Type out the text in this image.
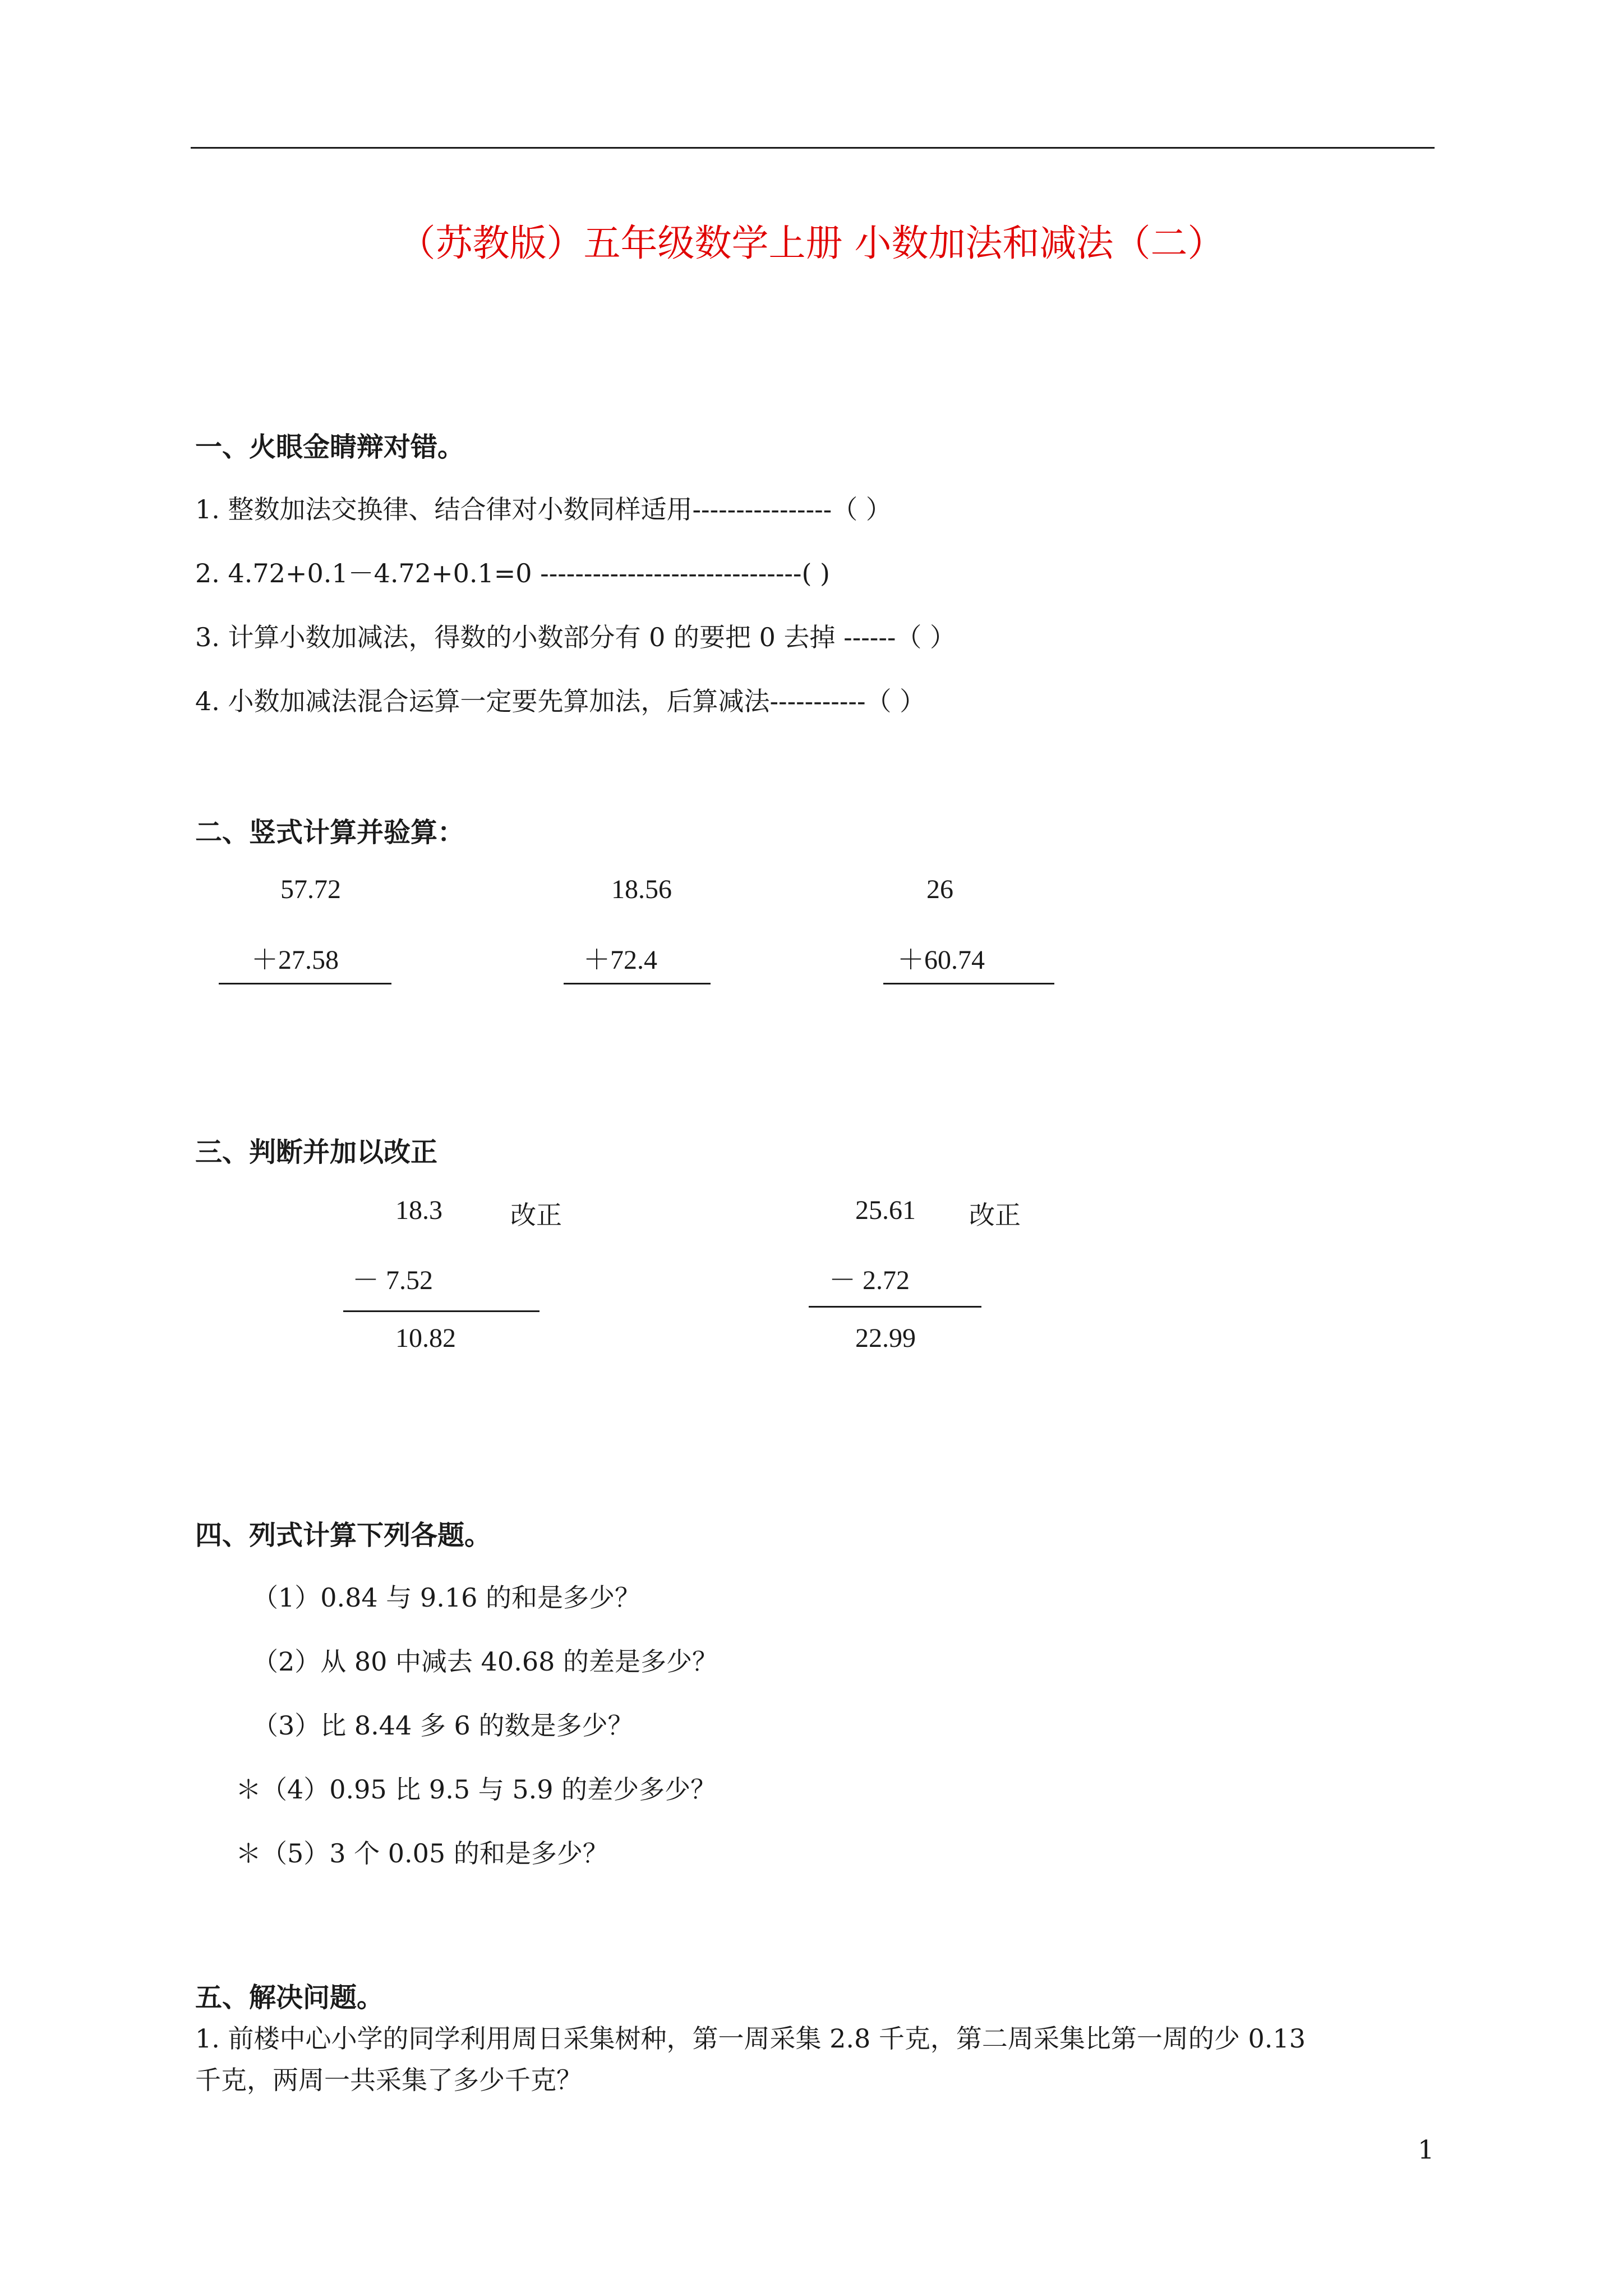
（苏教版）五年级数学上册 小数加法和减法（二）
一、火眼金睛辩对错。
1. 整数加法交换律、结合律对小数同样适用----------------（ ）
2. 4.72+0.1－4.72+0.1=0 ------------------------------( )
3. 计算小数加减法，得数的小数部分有 0 的要把 0 去掉 ------（ ）
4. 小数加减法混合运算一定要先算加法，后算减法-----------（ ）
二、竖式计算并验算：
57.72
＋27.58
18.56
＋72.4
26
＋60.74
三、判断并加以改正
18.3	改正
－ 7.52
10.82
25.61 改正
－ 2.72
22.99
四、列式计算下列各题。
（1）0.84 与 9.16 的和是多少？
（2）从 80 中减去 40.68 的差是多少？
（3）比 8.44 多 6 的数是多少？
＊（4）0.95 比 9.5 与 5.9 的差少多少？
＊（5）3 个 0.05 的和是多少？
五、解决问题。
1. 前楼中心小学的同学利用周日采集树种，第一周采集 2.8 千克，第二周采集比第一周的少 0.13
千克，两周一共采集了多少千克？
1
